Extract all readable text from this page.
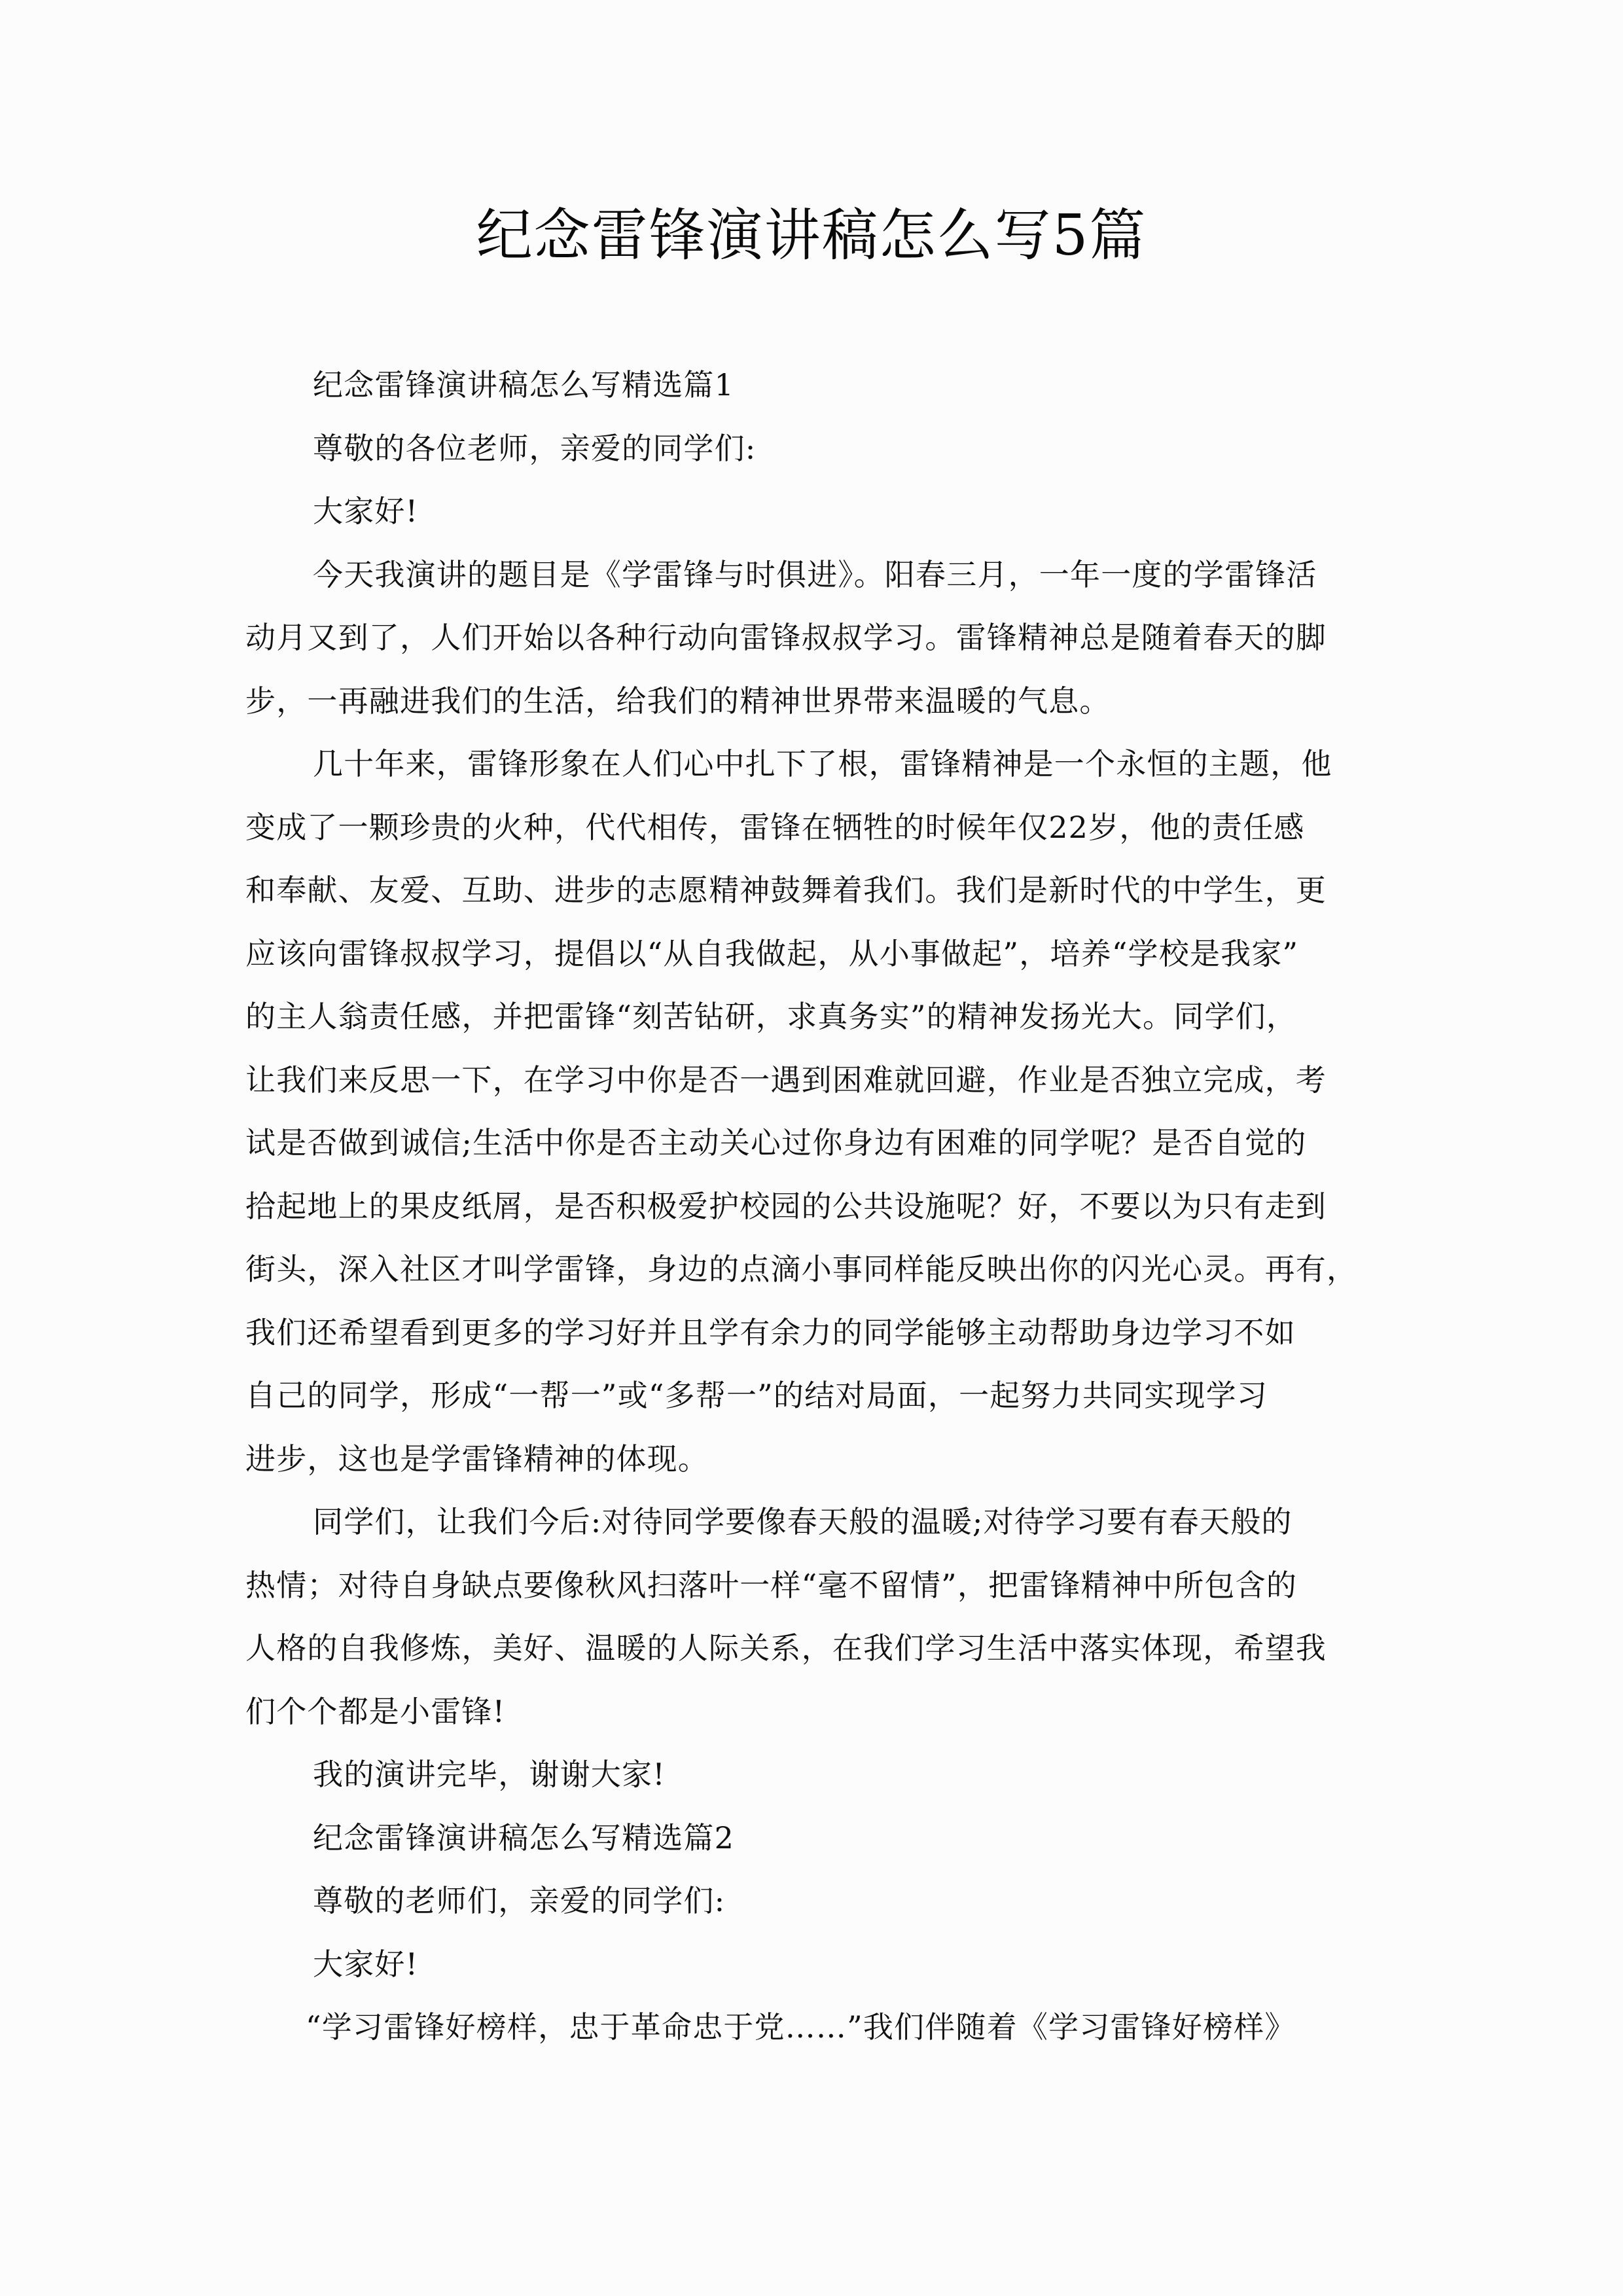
纪念雷锋演讲稿怎么写5篇

纪念雷锋演讲稿怎么写精选篇1

尊敬的各位老师，亲爱的同学们:

大家好!

今天我演讲的题目是《学雷锋与时俱进》。阳春三月，一年一度的学雷锋活
动月又到了，人们开始以各种行动向雷锋叔叔学习。雷锋精神总是随着春天的脚
步，一再融进我们的生活，给我们的精神世界带来温暖的气息。

几十年来，雷锋形象在人们心中扎下了根，雷锋精神是一个永恒的主题，他
变成了一颗珍贵的火种，代代相传，雷锋在牺牲的时候年仅22岁，他的责任感
和奉献、友爱、互助、进步的志愿精神鼓舞着我们。我们是新时代的中学生，更
应该向雷锋叔叔学习，提倡以“从自我做起，从小事做起”，培养“学校是我家”
的主人翁责任感，并把雷锋“刻苦钻研，求真务实”的精神发扬光大。同学们，
让我们来反思一下，在学习中你是否一遇到困难就回避，作业是否独立完成，考
试是否做到诚信;生活中你是否主动关心过你身边有困难的同学呢？是否自觉的
拾起地上的果皮纸屑，是否积极爱护校园的公共设施呢？好，不要以为只有走到
街头，深入社区才叫学雷锋，身边的点滴小事同样能反映出你的闪光心灵。再有，
我们还希望看到更多的学习好并且学有余力的同学能够主动帮助身边学习不如
自己的同学，形成“一帮一”或“多帮一”的结对局面，一起努力共同实现学习
进步，这也是学雷锋精神的体现。

同学们，让我们今后:对待同学要像春天般的温暖;对待学习要有春天般的
热情；对待自身缺点要像秋风扫落叶一样“毫不留情”，把雷锋精神中所包含的
人格的自我修炼，美好、温暖的人际关系，在我们学习生活中落实体现，希望我
们个个都是小雷锋!

我的演讲完毕，谢谢大家!

纪念雷锋演讲稿怎么写精选篇2

尊敬的老师们，亲爱的同学们:

大家好!

“学习雷锋好榜样，忠于革命忠于党……”我们伴随着《学习雷锋好榜样》
